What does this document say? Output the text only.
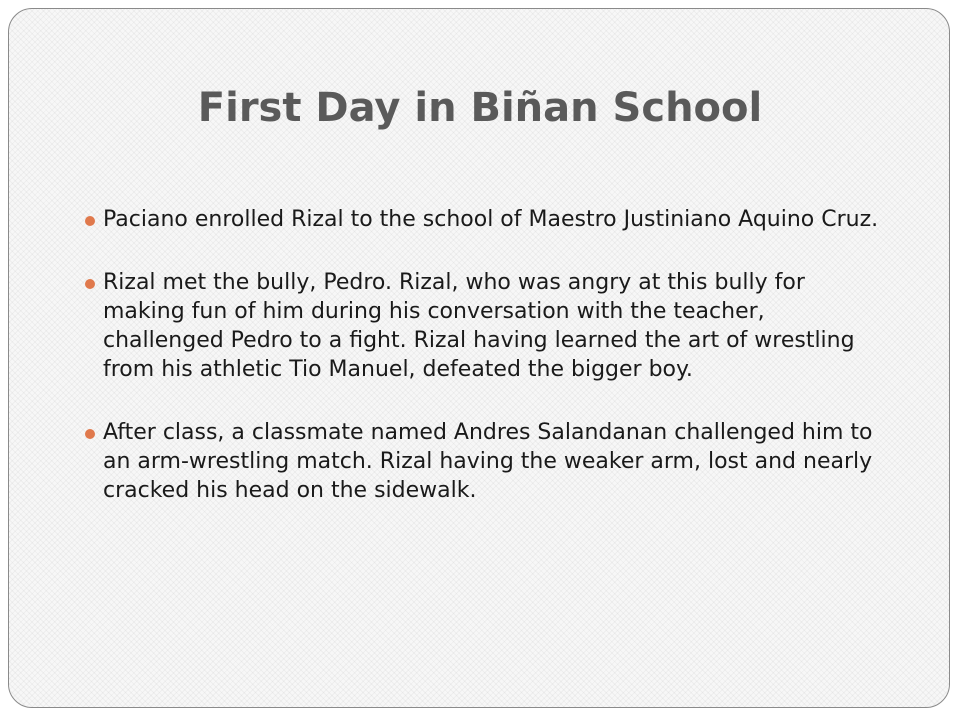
First Day in Biñan School
Paciano enrolled Rizal to the school of Maestro Justiniano Aquino Cruz.
Rizal met the bully, Pedro. Rizal, who was angry at this bully for making fun of him during his conversation with the teacher, challenged Pedro to a fight. Rizal having learned the art of wrestling from his athletic Tio Manuel, defeated the bigger boy.
After class, a classmate named Andres Salandanan challenged him to an arm-wrestling match. Rizal having the weaker arm, lost and nearly cracked his head on the sidewalk.
